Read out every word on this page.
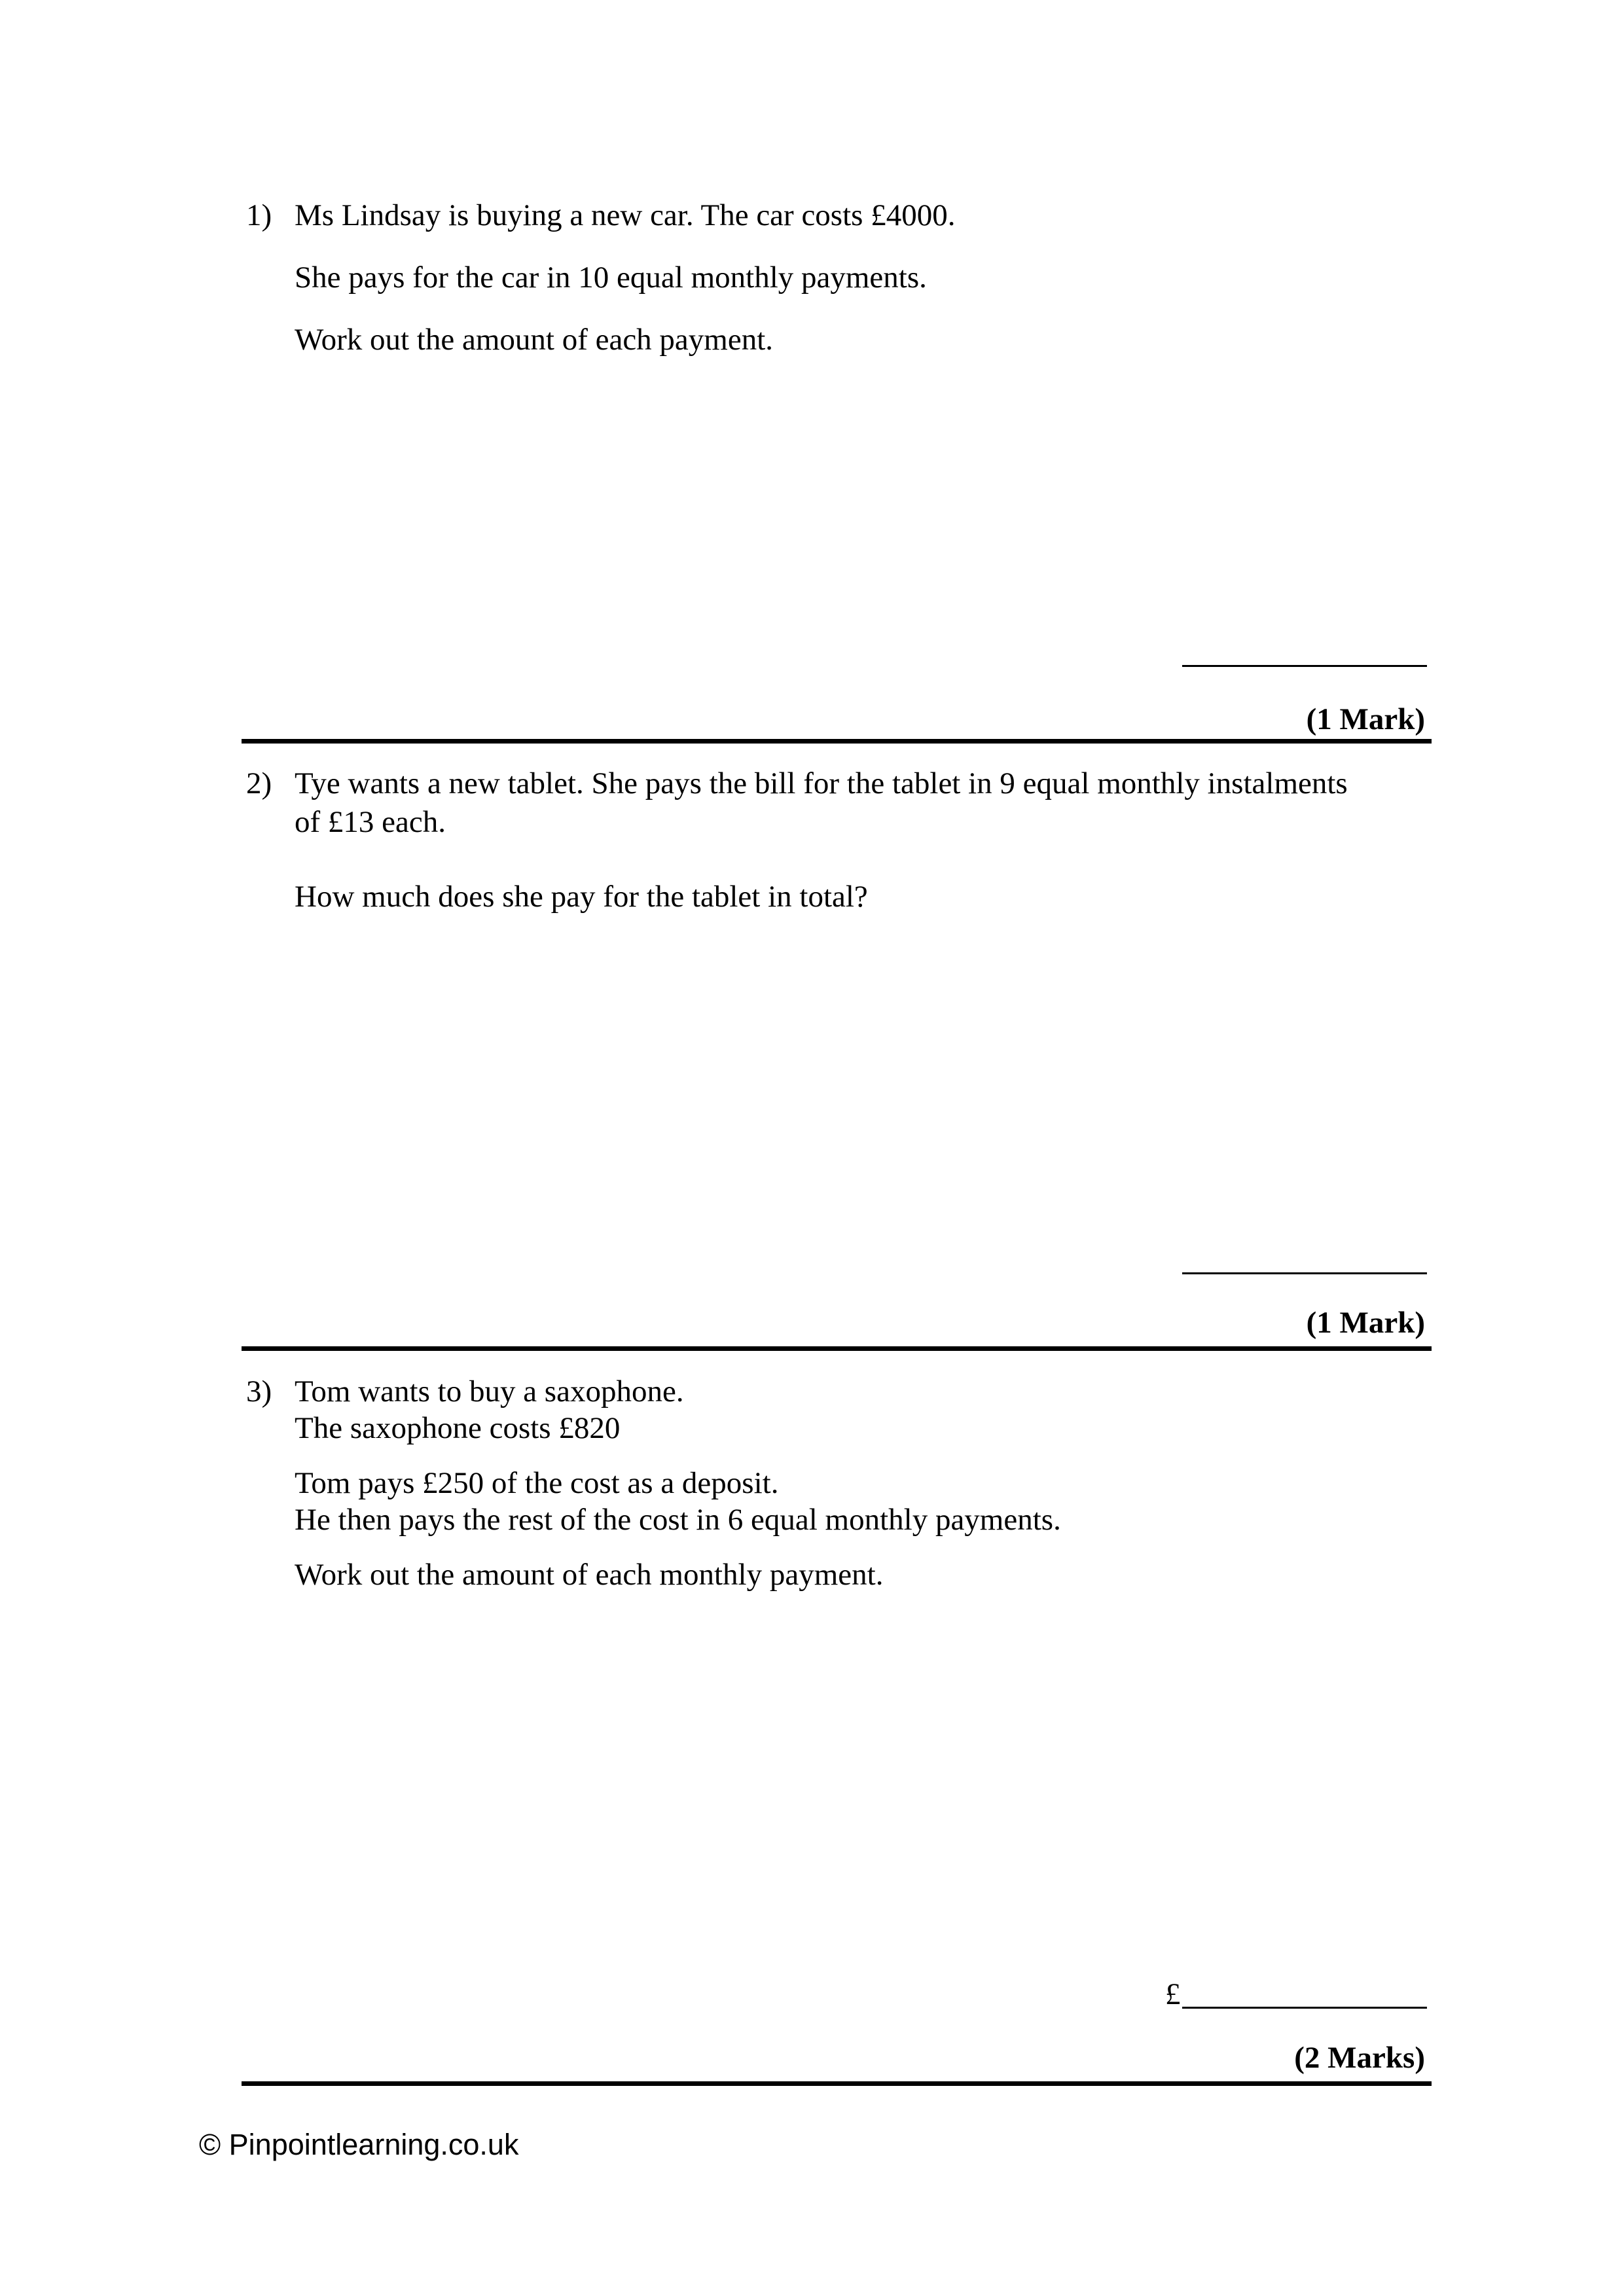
1) Ms Lindsay is buying a new car. The car costs £4000.
She pays for the car in 10 equal monthly payments.
Work out the amount of each payment.
(1 Mark)
2) Tye wants a new tablet. She pays the bill for the tablet in 9 equal monthly instalments
of £13 each.
How much does she pay for the tablet in total?
(1 Mark)
3) Tom wants to buy a saxophone.
The saxophone costs £820
Tom pays £250 of the cost as a deposit.
He then pays the rest of the cost in 6 equal monthly payments.
Work out the amount of each monthly payment.
£
(2 Marks)
© Pinpointlearning.co.uk
